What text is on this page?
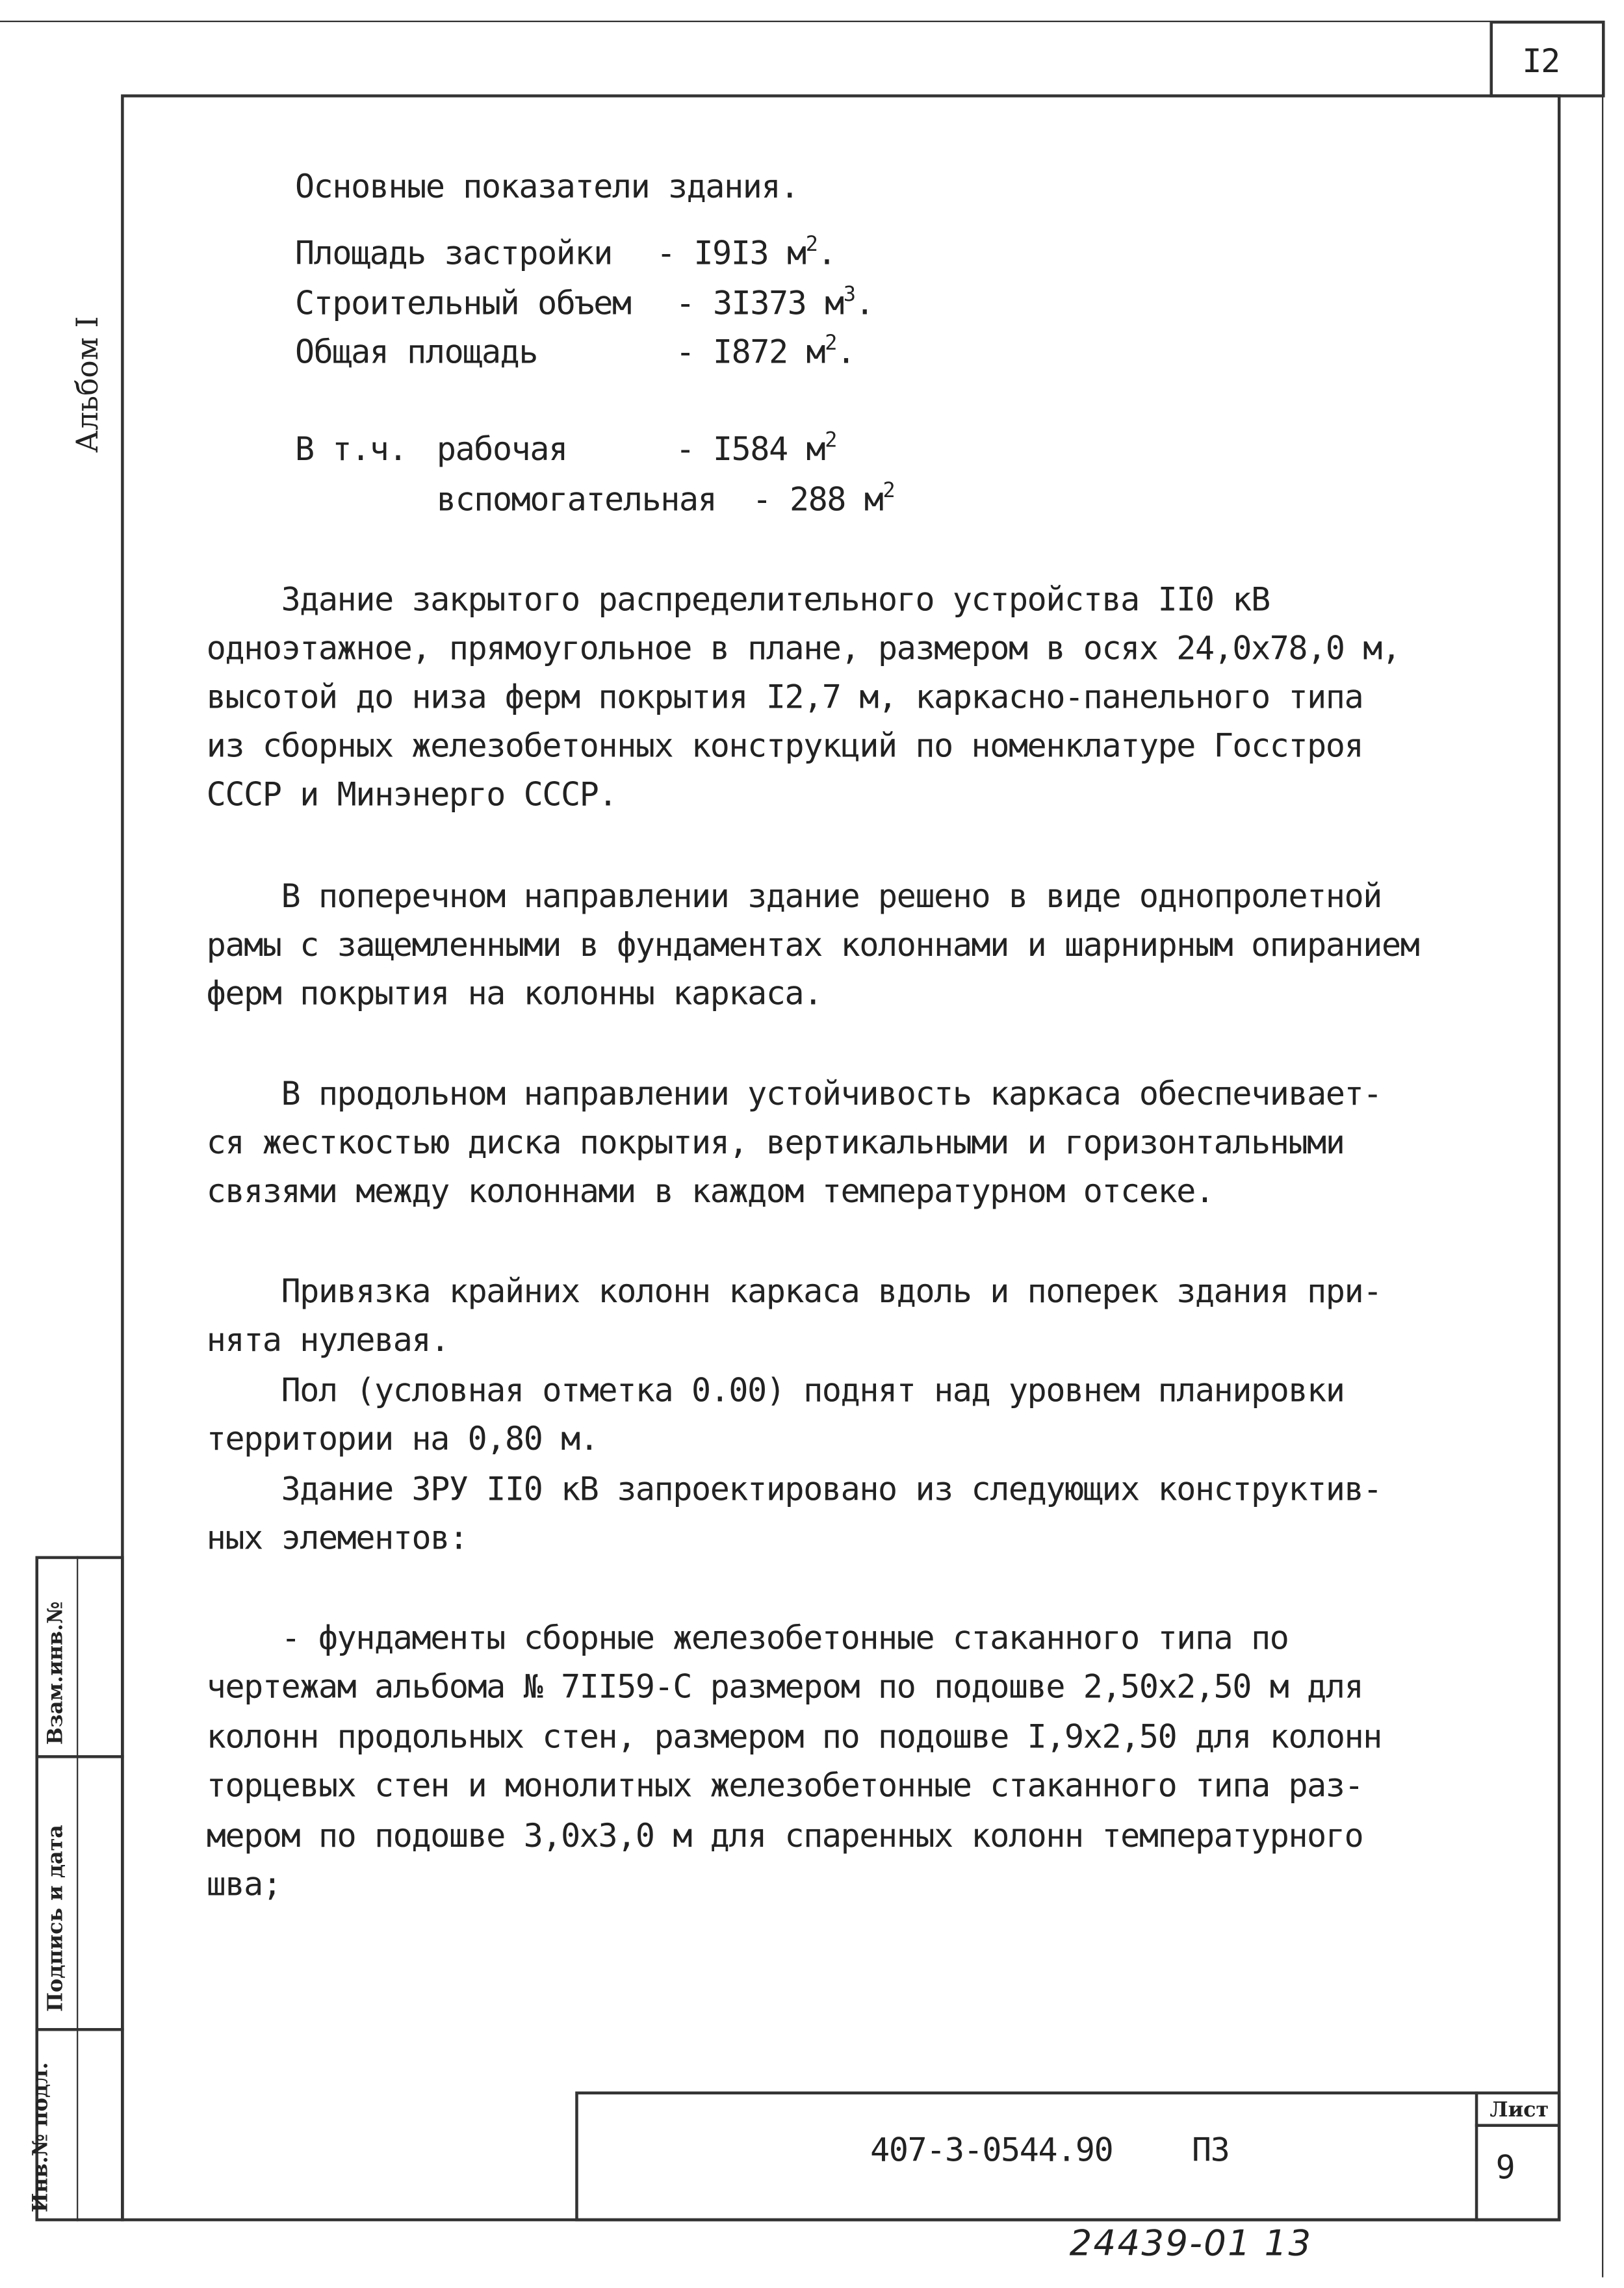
I2
Альбом I
Взам.инв.№
Подпись и дата
Инв.№ подл.	407-3-0544.90	ПЗ
Лист
9
24439-01 13
Основные показатели здания.
Площадь застройки	- I9I3 $м^2$.
Строительный объем	- 3I373 $м^3$.
Общая площадь	- I872 $м^2$.
В т.ч. рабочая	- I584 $м^2$
вспомогательная	- 288 $м^2$
Здание закрытого распределительного устройства II0 кВ
одноэтажное, прямоугольное в плане, размером в осях 24,0х78,0 м,
высотой до низа ферм покрытия I2,7 м, каркасно-панельного типа
из сборных железобетонных конструкций по номенклатуре Госстроя
СССР и Минэнерго СССР.
В поперечном направлении здание решено в виде однопролетной
рамы с защемленными в фундаментах колоннами и шарнирным опиранием
ферм покрытия на колонны каркаса.
В продольном направлении устойчивость каркаса обеспечивает-
ся жесткостью диска покрытия, вертикальными и горизонтальными
связями между колоннами в каждом температурном отсеке.
Привязка крайних колонн каркаса вдоль и поперек здания при-
нята нулевая.
Пол (условная отметка 0.00) поднят над уровнем планировки
территории на 0,80 м.
Здание ЗРУ II0 кВ запроектировано из следующих конструктив-
ных элементов:
- фундаменты сборные железобетонные стаканного типа по
чертежам альбома № 7II59-С размером по подошве 2,50х2,50 м для
колонн продольных стен, размером по подошве I,9х2,50 для колонн
торцевых стен и монолитных железобетонные стаканного типа раз-
мером по подошве 3,0х3,0 м для спаренных колонн температурного
шва;
